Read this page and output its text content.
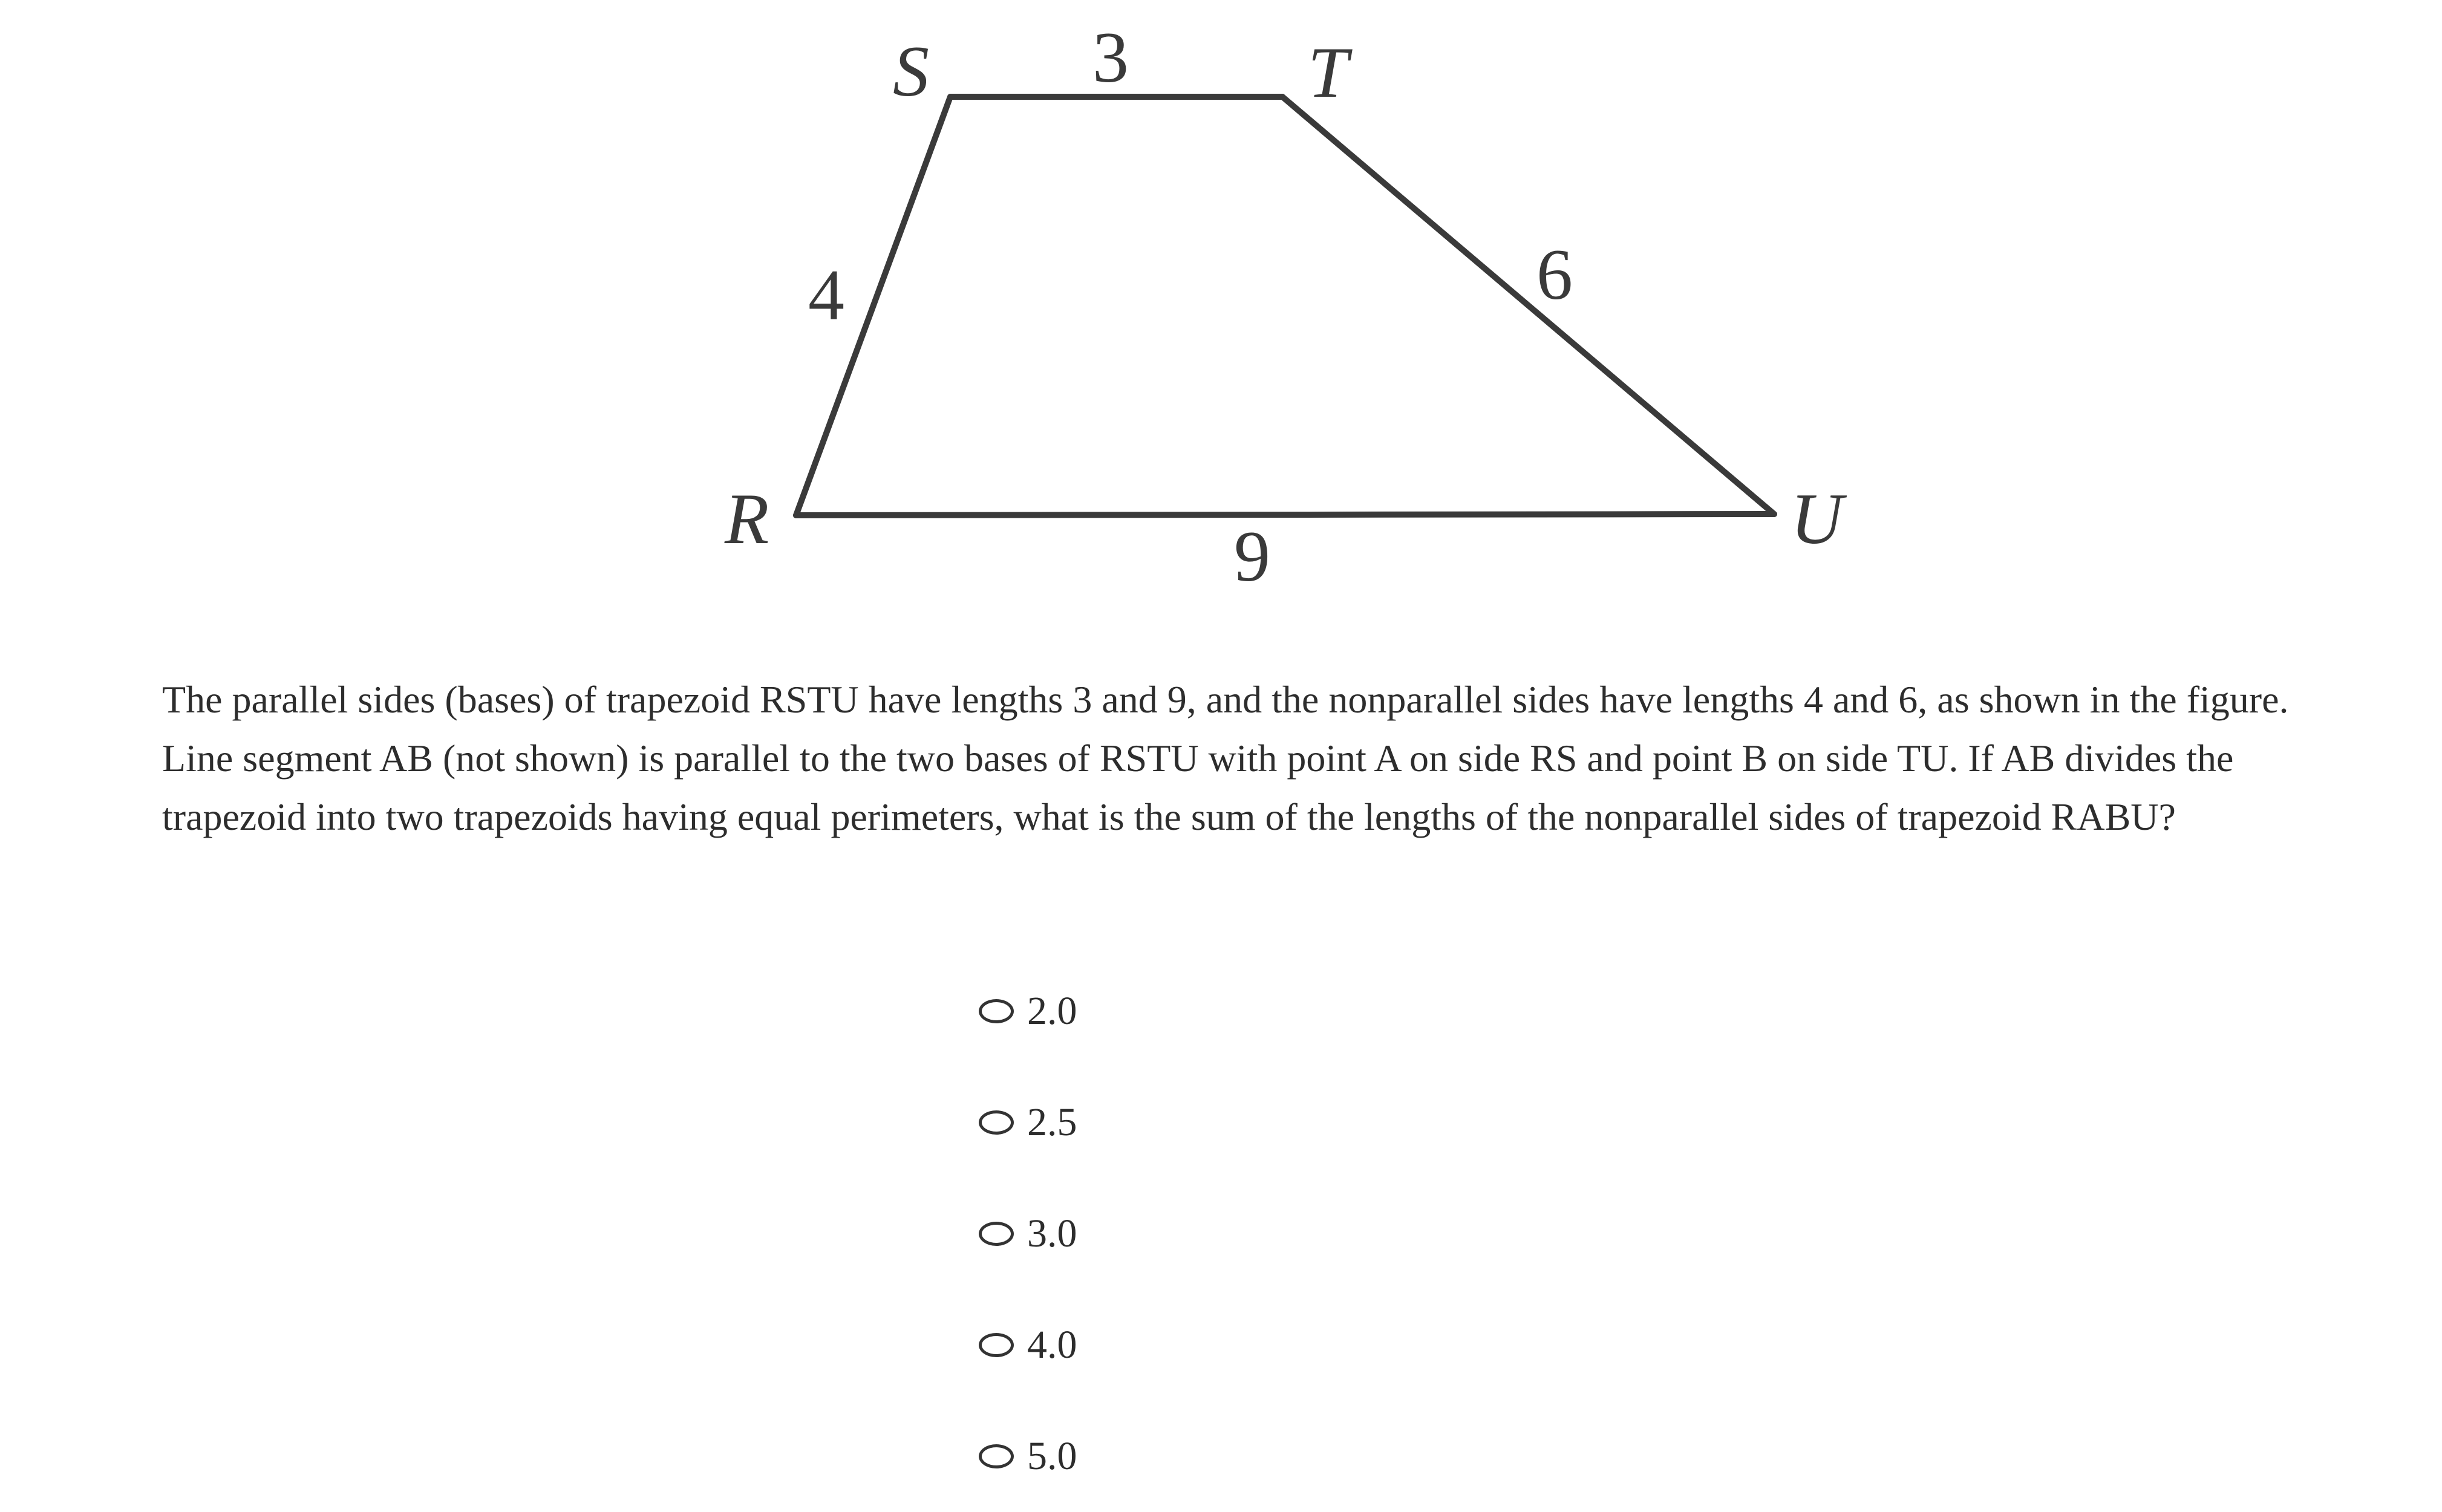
S	T
R	U
3
4	6
9

The parallel sides (bases) of trapezoid RSTU have lengths 3 and 9, and the nonparallel sides have lengths 4 and 6, as shown in the figure. Line segment AB (not shown) is parallel to the two bases of RSTU with point A on side RS and point B on side TU. If AB divides the trapezoid into two trapezoids having equal perimeters, what is the sum of the lengths of the nonparallel sides of trapezoid RABU?

2.0
2.5
3.0
4.0
5.0
